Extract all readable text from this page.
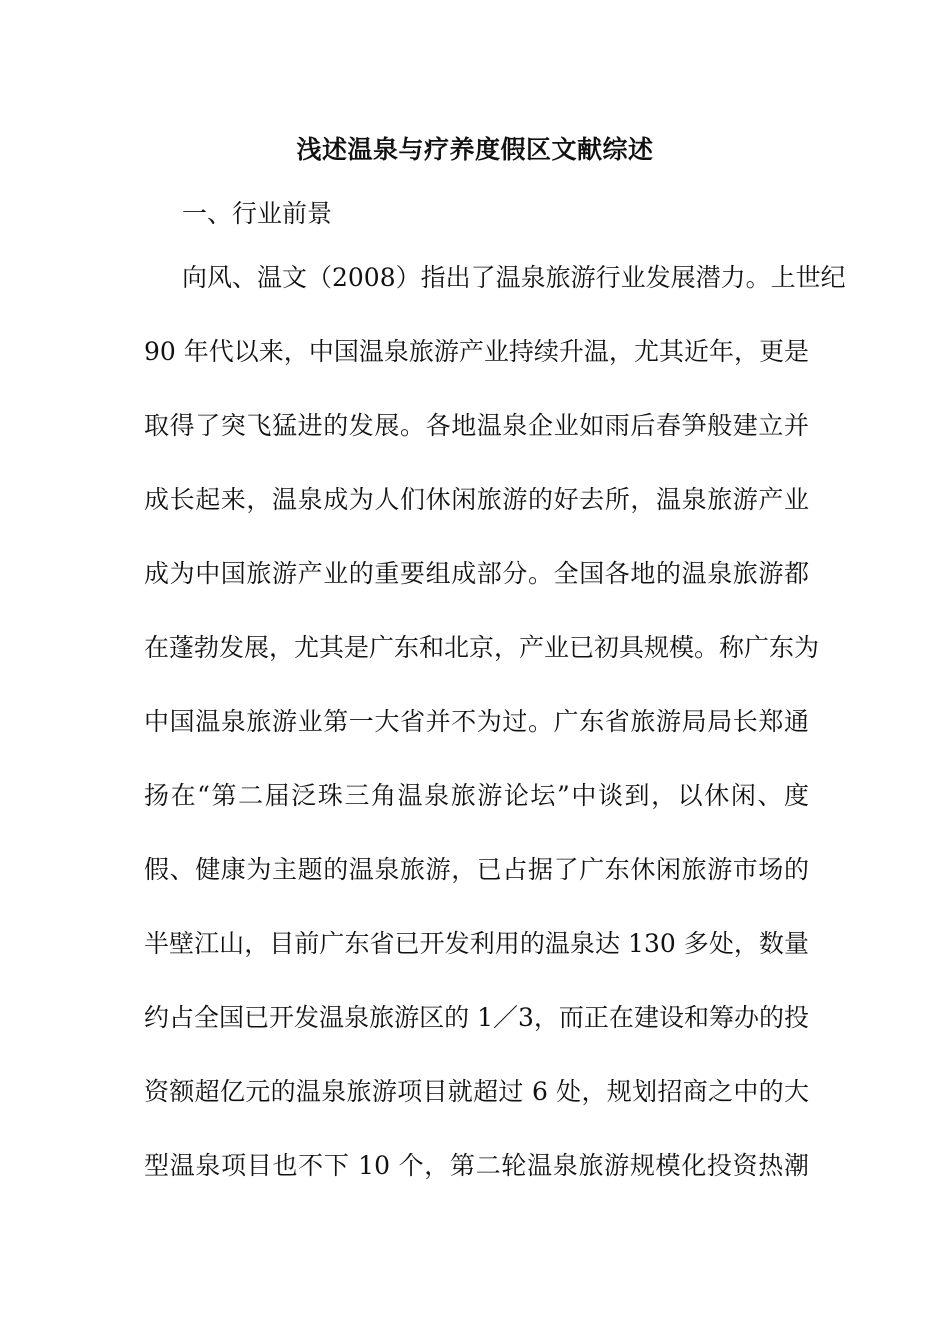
浅述温泉与疗养度假区文献综述

一、行业前景

向风、温文（2008）指出了温泉旅游行业发展潜力。上世纪

90 年代以来，中国温泉旅游产业持续升温，尤其近年，更是

取得了突飞猛进的发展。各地温泉企业如雨后春笋般建立并

成长起来，温泉成为人们休闲旅游的好去所，温泉旅游产业

成为中国旅游产业的重要组成部分。全国各地的温泉旅游都

在蓬勃发展，尤其是广东和北京，产业已初具规模。称广东为

中国温泉旅游业第一大省并不为过。广东省旅游局局长郑通

扬在“第二届泛珠三角温泉旅游论坛”中谈到，以休闲、度

假、健康为主题的温泉旅游，已占据了广东休闲旅游市场的

半壁江山，目前广东省已开发利用的温泉达 130 多处，数量

约占全国已开发温泉旅游区的 1／3，而正在建设和筹办的投

资额超亿元的温泉旅游项目就超过 6 处，规划招商之中的大

型温泉项目也不下 10 个，第二轮温泉旅游规模化投资热潮
